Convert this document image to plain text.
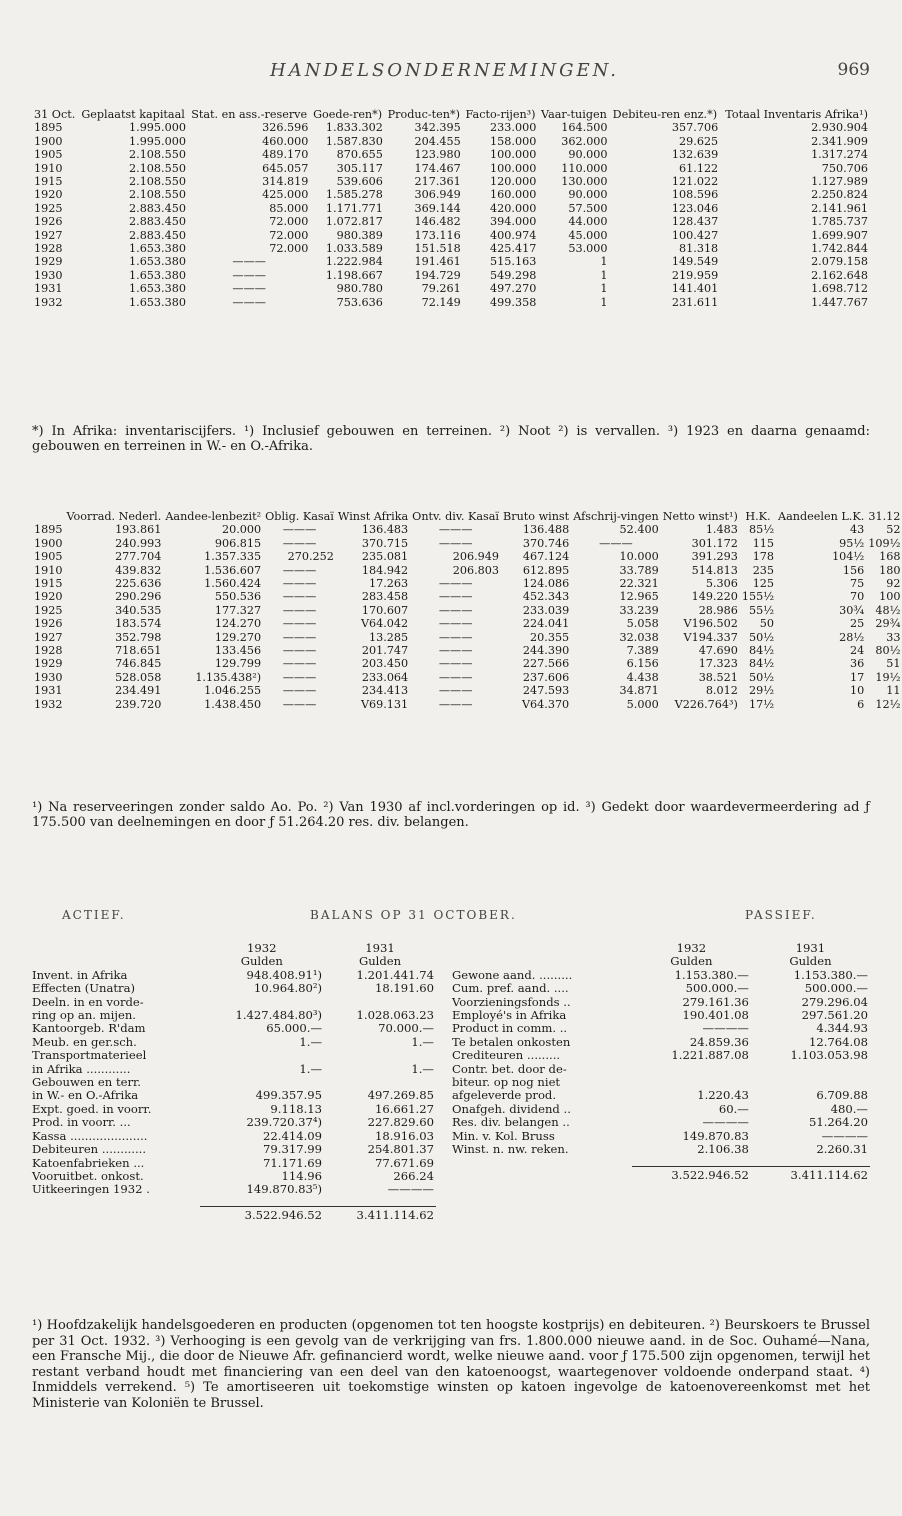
HANDELSONDERNEMINGEN.	969
31 Oct.	Geplaatst kapitaal	Stat. en ass.-reserve	Goede-ren*)	Produc-ten*)	Facto-rijen³)	Vaar-tuigen	Debiteu-ren enz.*)	Totaal Inventaris Afrika¹)
1895	1.995.000	326.596	1.833.302	342.395	233.000	164.500	357.706	2.930.904
1900	1.995.000	460.000	1.587.830	204.455	158.000	362.000	29.625	2.341.909
1905	2.108.550	489.170	870.655	123.980	100.000	90.000	132.639	1.317.274
1910	2.108.550	645.057	305.117	174.467	100.000	110.000	61.122	750.706
1915	2.108.550	314.819	539.606	217.361	120.000	130.000	121.022	1.127.989
1920	2.108.550	425.000	1.585.278	306.949	160.000	90.000	108.596	2.250.824
1925	2.883.450	85.000	1.171.771	369.144	420.000	57.500	123.046	2.141.961
1926	2.883.450	72.000	1.072.817	146.482	394.000	44.000	128.437	1.785.737
1927	2.883.450	72.000	980.389	173.116	400.974	45.000	100.427	1.699.907
1928	1.653.380	72.000	1.033.589	151.518	425.417	53.000	81.318	1.742.844
1929	1.653.380	———	1.222.984	191.461	515.163	1	149.549	2.079.158
1930	1.653.380	———	1.198.667	194.729	549.298	1	219.959	2.162.648
1931	1.653.380	———	980.780	79.261	497.270	1	141.401	1.698.712
1932	1.653.380	———	753.636	72.149	499.358	1	231.611	1.447.767
*) In Afrika: inventariscijfers. ¹) Inclusief gebouwen en terreinen. ²) Noot ²) is vervallen. ³) 1923 en daarna genaamd: gebouwen en terreinen in W.- en O.-Afrika.
	Voorrad. Nederl.	Aandee-lenbezit²	Oblig. Kasaï	Winst Afrika	Ontv. div. Kasaï	Bruto winst	Afschrij-vingen	Netto winst¹)	H.K.	Aandeelen L.K.	31.12
1895	193.861	20.000	———	136.483	———	136.488	52.400	1.483	85½	43	52
1900	240.993	906.815	———	370.715	———	370.746	———	301.172	115	95½	109½
1905	277.704	1.357.335	270.252	235.081	206.949	467.124	10.000	391.293	178	104½	168
1910	439.832	1.536.607	———	184.942	206.803	612.895	33.789	514.813	235	156	180
1915	225.636	1.560.424	———	17.263	———	124.086	22.321	5.306	125	75	92
1920	290.296	550.536	———	283.458	———	452.343	12.965	149.220	155½	70	100
1925	340.535	177.327	———	170.607	———	233.039	33.239	28.986	55½	30¾	48½
1926	183.574	124.270	———	V64.042	———	224.041	5.058	V196.502	50	25	29¾
1927	352.798	129.270	———	13.285	———	20.355	32.038	V194.337	50½	28½	33
1928	718.651	133.456	———	201.747	———	244.390	7.389	47.690	84½	24	80½
1929	746.845	129.799	———	203.450	———	227.566	6.156	17.323	84½	36	51
1930	528.058	1.135.438²)	———	233.064	———	237.606	4.438	38.521	50½	17	19½
1931	234.491	1.046.255	———	234.413	———	247.593	34.871	8.012	29½	10	11
1932	239.720	1.438.450	———	V69.131	———	V64.370	5.000	V226.764³)	17½	6	12½
¹) Na reserveeringen zonder saldo Ao. Po. ²) Van 1930 af incl.vorderingen op id. ³) Gedekt door waardevermeerdering ad ƒ 175.500 van deelnemingen en door ƒ 51.264.20 res. div. belangen.
ACTIEF.	BALANS OP 31 OCTOBER.	PASSIEF.
	1932	1931
	Gulden	Gulden
Invent. in Afrika	948.408.91¹)	1.201.441.74
Effecten (Unatra)	10.964.80²)	18.191.60
Deeln. in en vorde-		
ring op an. mijen.	1.427.484.80³)	1.028.063.23
Kantoorgeb. R'dam	65.000.—	70.000.—
Meub. en ger.sch.	1.—	1.—
Transportmaterieel		
in Afrika ............	1.—	1.—
Gebouwen en terr.		
in W.- en O.-Afrika	499.357.95	497.269.85
Expt. goed. in voorr.	9.118.13	16.661.27
Prod. in voorr. ...	239.720.37⁴)	227.829.60
Kassa .....................	22.414.09	18.916.03
Debiteuren ............	79.317.99	254.801.37
Katoenfabrieken ...	71.171.69	77.671.69
Vooruitbet. onkost.	114.96	266.24
Uitkeeringen 1932 .	149.870.83⁵)	————

	3.522.946.52	3.411.114.62
	1932	1931
	Gulden	Gulden
Gewone aand. .........	1.153.380.—	1.153.380.—
Cum. pref. aand. ....	500.000.—	500.000.—
Voorzieningsfonds ..	279.161.36	279.296.04
Employé's in Afrika	190.401.08	297.561.20
Product in comm. ..	————	4.344.93
Te betalen onkosten	24.859.36	12.764.08
Crediteuren .........	1.221.887.08	1.103.053.98
Contr. bet. door de-		
biteur. op nog niet		
afgeleverde prod.	1.220.43	6.709.88
Onafgeh. dividend ..	60.—	480.—
Res. div. belangen ..	————	51.264.20
Min. v. Kol. Bruss	149.870.83	————
Winst. n. nw. reken.	2.106.38	2.260.31

	3.522.946.52	3.411.114.62
¹) Hoofdzakelijk handelsgoederen en producten (opgenomen tot ten hoogste kostprijs) en debiteuren. ²) Beurskoers te Brussel per 31 Oct. 1932. ³) Verhooging is een gevolg van de verkrijging van frs. 1.800.000 nieuwe aand. in de Soc. Ouhamé—Nana, een Fransche Mij., die door de Nieuwe Afr. gefinancierd wordt, welke nieuwe aand. voor ƒ 175.500 zijn opgenomen, terwijl het restant verband houdt met financiering van een deel van den katoenoogst, waartegenover voldoende onderpand staat. ⁴) Inmiddels verrekend. ⁵) Te amortiseeren uit toekomstige winsten op katoen ingevolge de katoenovereenkomst met het Ministerie van Koloniën te Brussel.
